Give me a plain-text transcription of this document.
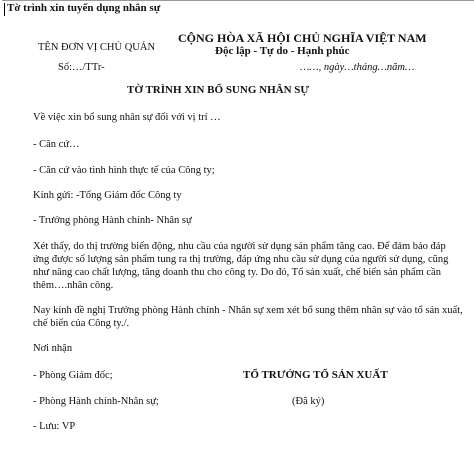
Tờ trình xin tuyển dụng nhân sự
TÊN ĐƠN VỊ CHỦ QUẢN
CỘNG HÒA XÃ HỘI CHỦ NGHĨA VIỆT NAM
Độc lập - Tự do - Hạnh phúc
Số:…/TTr-	……, ngày…tháng…năm…
TỜ TRÌNH XIN BỔ SUNG NHÂN SỰ
Về việc xin bổ sung nhân sự đối với vị trí …
- Căn cứ…
- Căn cứ vào tình hình thực tế của Công ty;
Kính gửi: -Tổng Giám đốc Công ty
- Trưởng phòng Hành chính- Nhân sự
Xét thấy, do thị trường biến động, nhu cầu của người sử dụng sản phẩm tăng cao. Để đảm bảo đáp ứng được số lượng sản phẩm tung ra thị trường, đáp ứng nhu cầu sử dụng của người sử dụng, cũng như nâng cao chất lượng, tăng doanh thu cho công ty. Do đó, Tổ sản xuất, chế biến sản phẩm cần thêm….nhân công.
Nay kính đề nghị Trưởng phòng Hành chính - Nhân sự xem xét bổ sung thêm nhân sự vào tổ sản xuất, chế biến của Công ty./.
Nơi nhận
- Phòng Giám đốc;
- Phòng Hành chính-Nhân sự;
- Lưu: VP
TỔ TRƯỞNG TỔ SẢN XUẤT
(Đã ký)
